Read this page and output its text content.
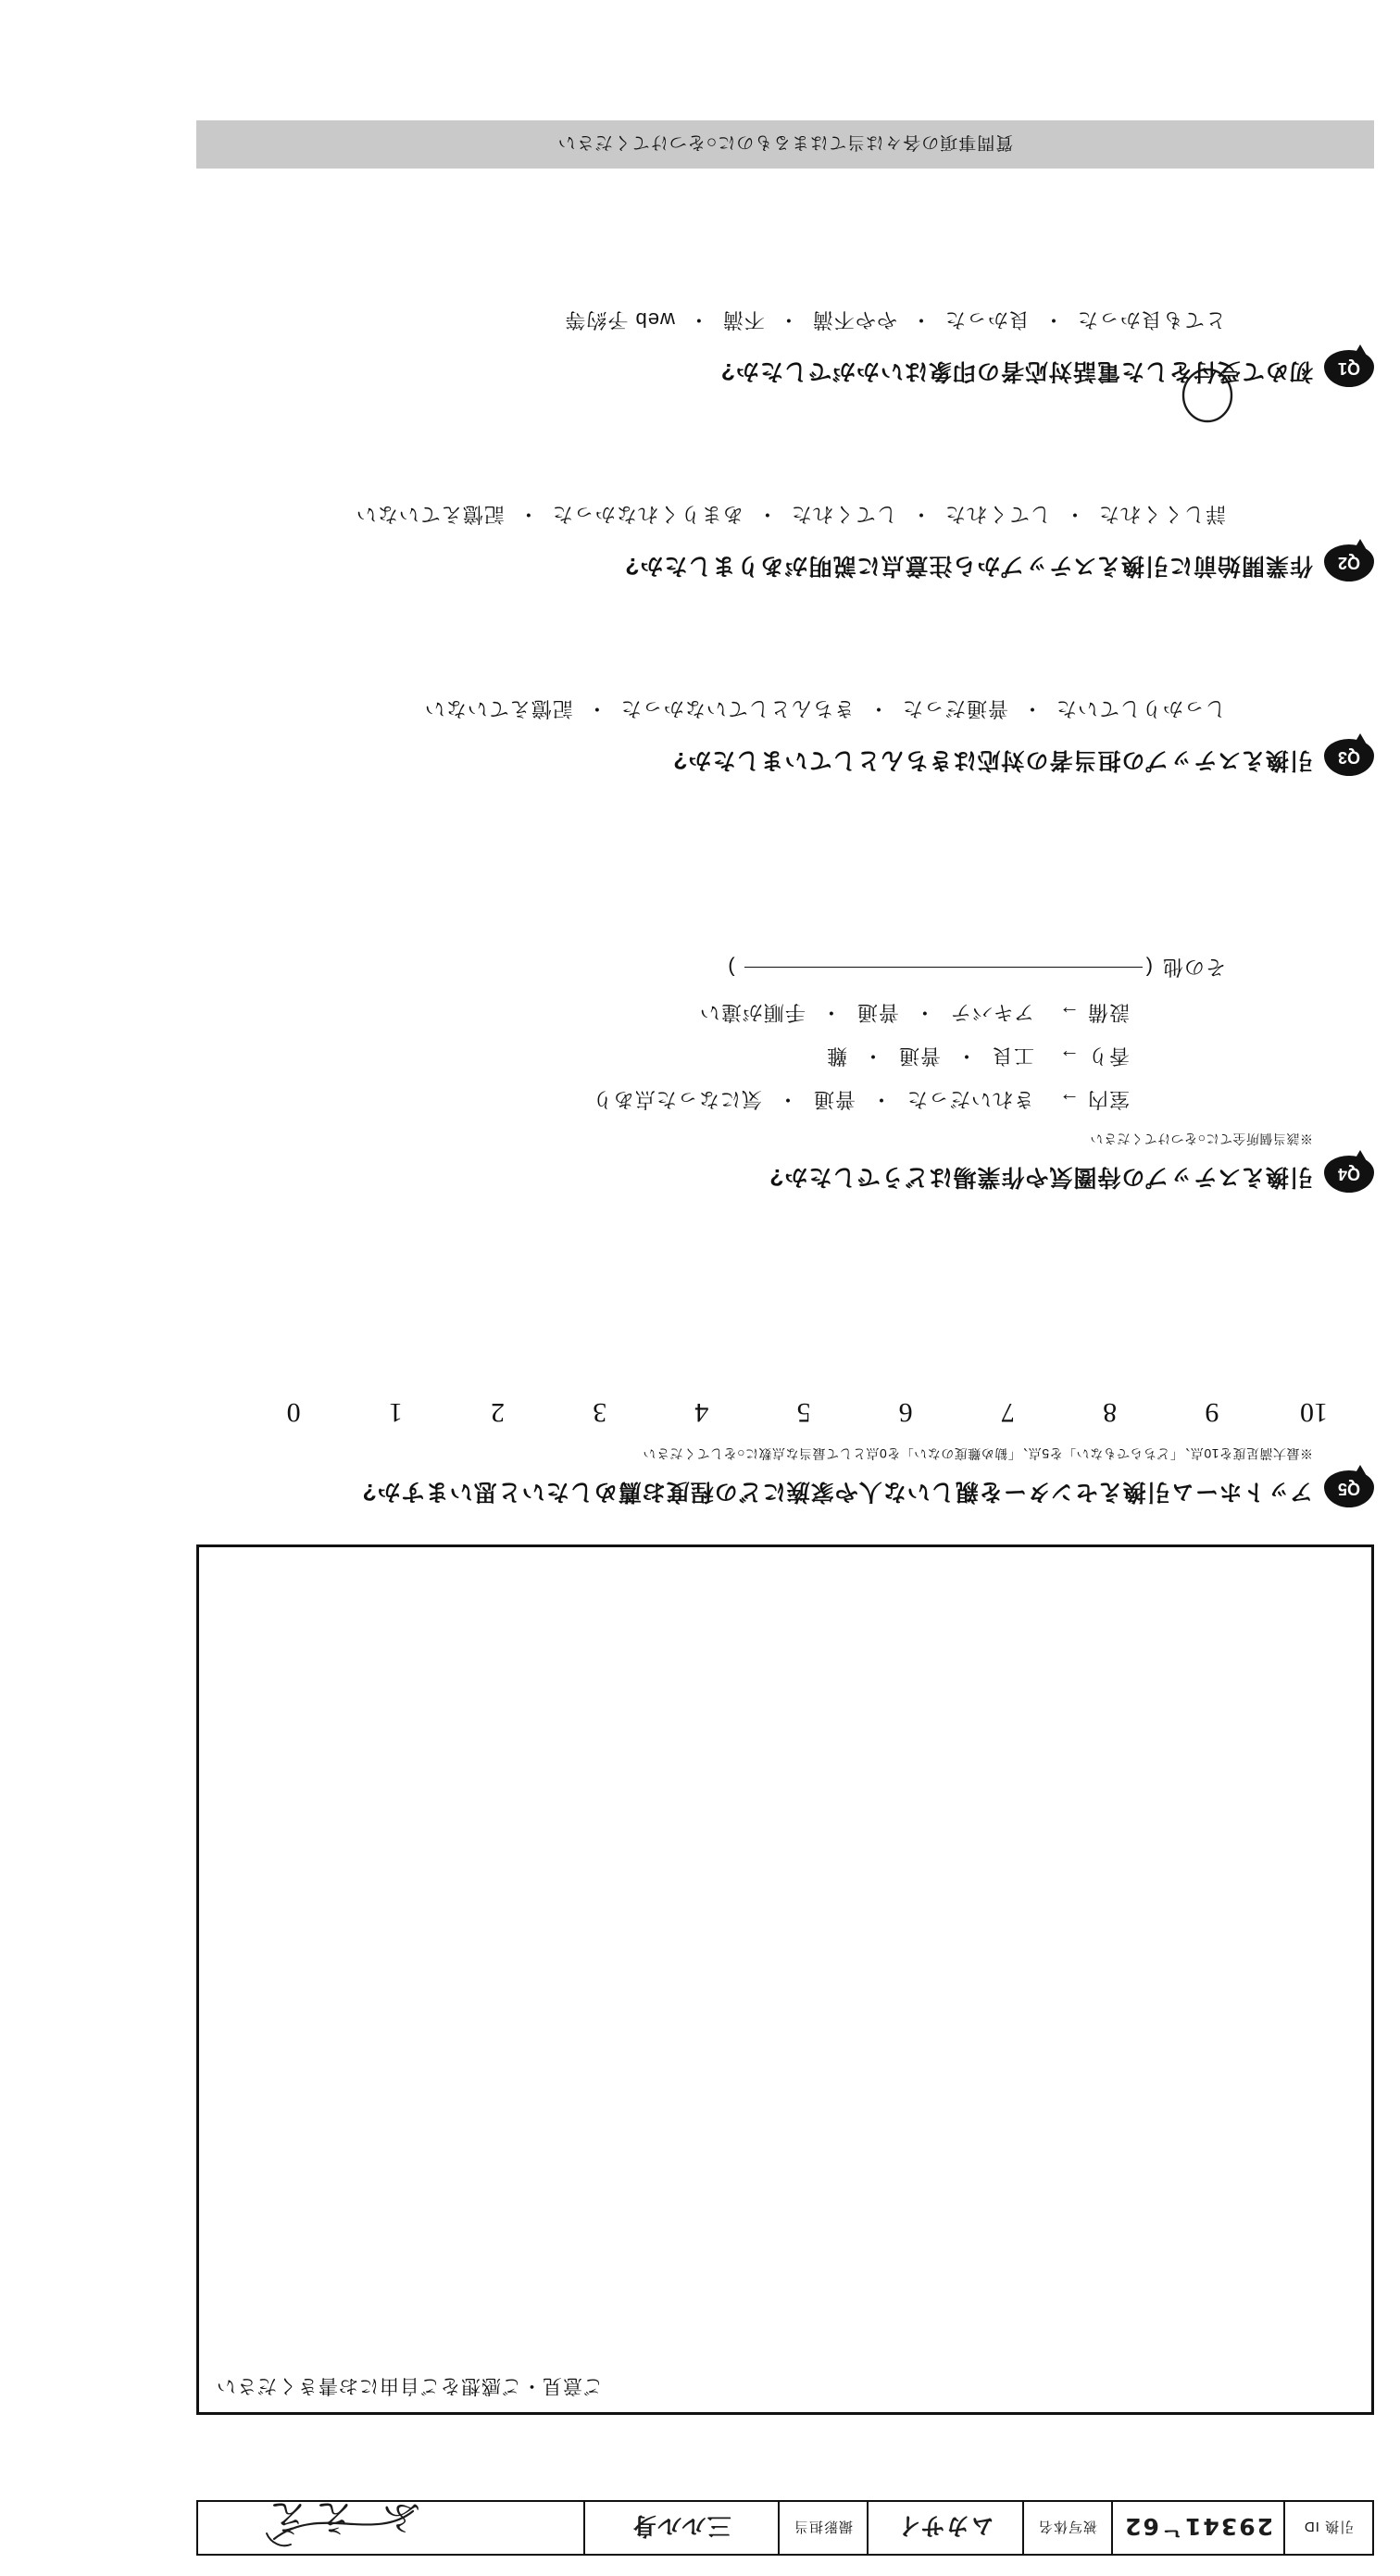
引換 ID
29341ᄂ62
被写体名
ムカサイ
撮影担当
三ルル身
ふ ええ
ご意見・ご感想をご自由にお書きください
Q5
アットホーム引換えセンターを親しいな人や家族にどの程度お薦めしたいと思いますか?
※最大満足度を10点、「どちらでもない」を5点、「勧め難度のない」を0点として最当な点数に○をしてください
10
9
8
7
6
5
4
3
2
1
0
Q4
引換えステップの待圏気や作業場はどうでしたか?
※該当個所全てに○をつけてください
室内
→
きれいだった
・
普通
・
気になった点あり
香り
→
工良
・
普通
・
難
設備
→
アキバテ
・
普通
・
手順が違い
その他
(
)
Q3
引換えステップの担当者の対応はきちんとしていましたか?
しっかりしていた
・
普通だった
・
きちんとしていなかった
・
記憶えていない
Q2
作業開始前に引換えステップから注意点に説明がありましたか?
詳しくくれた
・
してくれた
・
してくれた
・
あまりくれなかった
・
記憶えていない
Q1
初めて受付をした電話対応者の印象はいかがでしたか?
とても良かった
・
良かった
・
やや不満
・
不満
・
web 予約等
質問事項の各々は当てはまるものに○をつけてください
